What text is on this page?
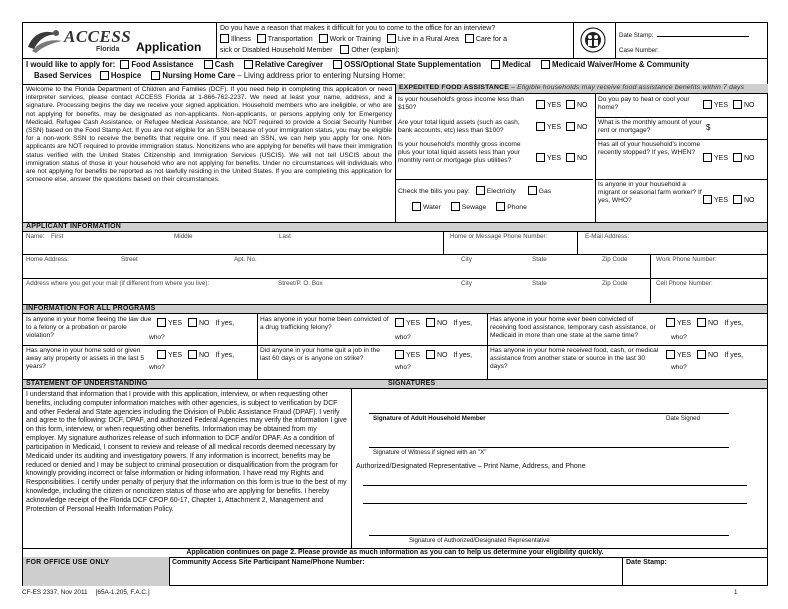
ACCESS
Florida Application
Do you have a reason that makes it difficult for you to come to the office for an interview?
Illness Transportation Work or Training Live in a Rural Area Care for a
sick or Disabled Household Member	Other (explain):
Date Stamp:
Case Number:
I would like to apply for: Food Assistance	Cash	Relative Caregiver	OSS/Optional State Supplementation	Medical	Medicaid Waiver/Home & Community
Based Services Hospice	Nursing Home Care – Living address prior to entering Nursing Home:
Welcome to the Florida Department of Children and Families (DCF). If you need help in completing this application or need interpreter services, please contact ACCESS Florida at 1-866-762-2237. We need at least your name, address, and a signature. Processing begins the day we receive your signed application. Household members who are ineligible, or who are not applying for benefits, may be designated as non-applicants. Non-applicants, or persons applying only for Emergency Medicaid, Refugee Cash Assistance, or Refugee Medical Assistance, are NOT required to provide a Social Security Number (SSN) based on the Food Stamp Act. If you are not eligible for an SSN because of your immigration status, you may be eligible for a non-work SSN to receive the benefits that require one. If you need an SSN, we can help you apply for one. Non-applicants are NOT required to provide immigration status. Noncitizens who are applying for benefits will have their immigration status verified with the United States Citizenship and Immigration Services (USCIS). We will not tell USCIS about the immigration status of those in your household who are not applying for benefits. Under no circumstances will individuals who are not applying for benefits be reported as not lawfully residing in the United States. If you are completing this application for someone else, answer the questions based on their circumstances.
EXPEDITED FOOD ASSISTANCE – Eligible households may receive food assistance benefits within 7 days
Is your household's gross income less than $150?	YES NO
Are your total liquid assets (such as cash, bank accounts, etc) less than $100?	YES NO
Is your household's monthly gross income plus your total liquid assets less than your monthly rent or mortgage plus utilities?	YES NO
Check the bills you pay: Electricity	Gas
Water	Sewage	Phone
Do you pay to heat or cool your home?	YES NO
What is the monthly amount of your rent or mortgage?	$
Has all of your household's income recently stopped? If yes, WHEN?
YES NO
Is anyone in your household a migrant or seasonal farm worker? If yes, WHO?	YES NO
APPLICANT INFORMATION
Name: First	Middle	Last	Home or Message Phone Number:	E-Mail Address:
Home Address:	Street	Apt. No.	City	State	Zip Code	Work Phone Number:
Address where you get your mail (if different from where you live):	Street/P. O. Box	City	State	Zip Code	Cell Phone Number:
INFORMATION FOR ALL PROGRAMS
Is anyone in your home fleeing the law due to a felony or a probation or parole violation?
YES NO If yes,
who?
Has anyone in your home been convicted of a drug trafficking felony?
YES NO If yes,
who?
Has anyone in your home ever been convicted of receiving food assistance, temporary cash assistance, or Medicaid in more than one state at the same time?
YES NO If yes,
who?
Has anyone in your home sold or given away any property or assets in the last 5 years?
YES NO If yes,
who?
Did anyone in your home quit a job in the last 60 days or is anyone on strike?	YES NO If yes,
who?
Has anyone in your home received food, cash, or medical assistance from another state or source in the last 30 days?
YES NO If yes,
who?
STATEMENT OF UNDERSTANDING	SIGNATURES
I understand that information that I provide with this application, interview, or when requesting other benefits, including computer information matches with other agencies, is subject to verification by DCF and other Federal and State agencies including the Division of Public Assistance Fraud (DPAF). I verify and agree to the following: DCF, DPAF, and authorized Federal Agencies may verify the information I give on this form, interview, or when requesting other benefits. Information may be obtained from my employer. My signature authorizes release of such information to DCF and/or DPAF. As a condition of participation in Medicaid, I consent to review and release of all medical records deemed necessary by Medicaid under its auditing and investigatory powers. If any information is incorrect, benefits may be reduced or denied and I may be subject to criminal prosecution or disqualification from the program for knowingly providing incorrect or false information or hiding information. I have read my Rights and Responsibilities. I certify under penalty of perjury that the information on this form is true to the best of my knowledge, including the citizen or noncitizen status of those who are applying for benefits. I hereby acknowledge receipt of the Florida DCF CFOP 60-17, Chapter 1, Attachment 2, Management and Protection of Personal Health Information Policy.
Signature of Adult Household Member	Date Signed
Signature of Witness if signed with an "X"
Authorized/Designated Representative – Print Name, Address, and Phone
Signature of Authorized/Designated Representative
Application continues on page 2. Please provide as much information as you can to help us determine your eligibility quickly.
FOR OFFICE USE ONLY	Community Access Site Participant Name/Phone Number:	Date Stamp:
CF-ES 2337, Nov 2011 [65A-1.205, F.A.C.]	1
